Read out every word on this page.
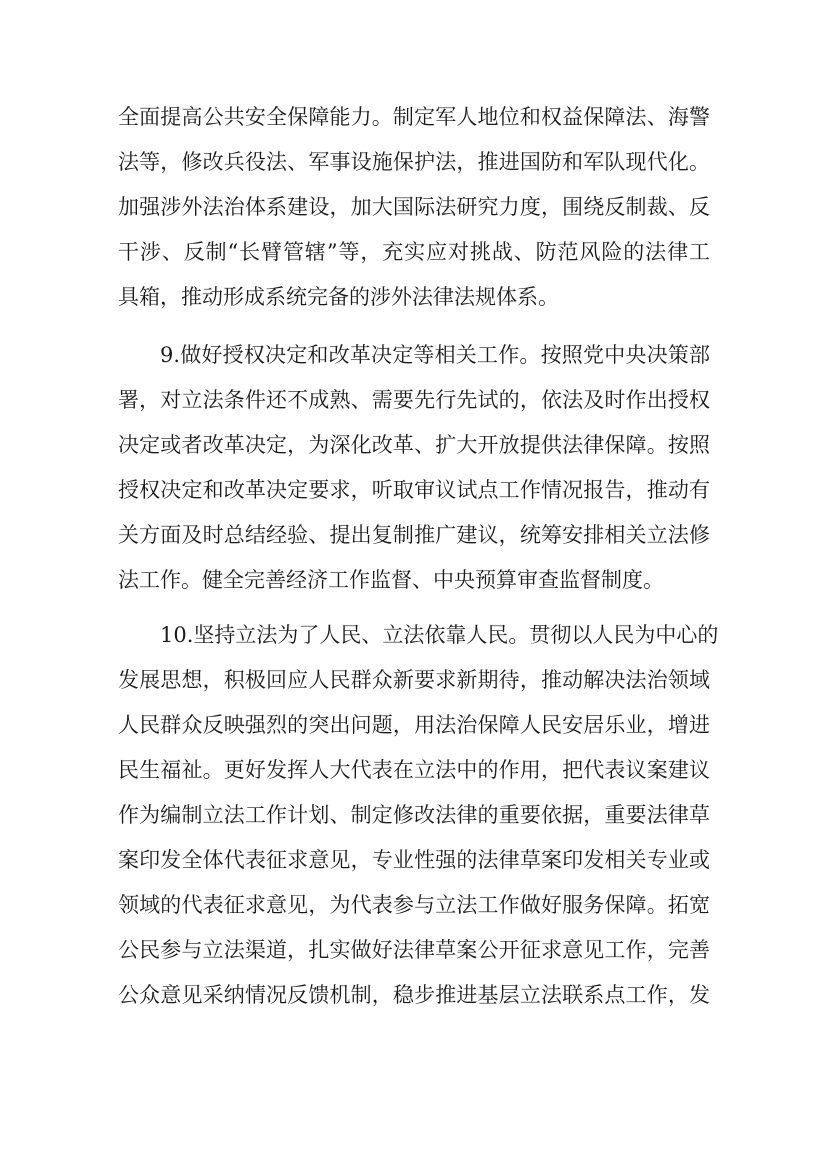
全面提高公共安全保障能力。制定军人地位和权益保障法、海警
法等，修改兵役法、军事设施保护法，推进国防和军队现代化。
加强涉外法治体系建设，加大国际法研究力度，围绕反制裁、反
干涉、反制“长臂管辖”等，充实应对挑战、防范风险的法律工
具箱，推动形成系统完备的涉外法律法规体系。
9.做好授权决定和改革决定等相关工作。按照党中央决策部
署，对立法条件还不成熟、需要先行先试的，依法及时作出授权
决定或者改革决定，为深化改革、扩大开放提供法律保障。按照
授权决定和改革决定要求，听取审议试点工作情况报告，推动有
关方面及时总结经验、提出复制推广建议，统筹安排相关立法修
法工作。健全完善经济工作监督、中央预算审查监督制度。
10.坚持立法为了人民、立法依靠人民。贯彻以人民为中心的
发展思想，积极回应人民群众新要求新期待，推动解决法治领域
人民群众反映强烈的突出问题，用法治保障人民安居乐业，增进
民生福祉。更好发挥人大代表在立法中的作用，把代表议案建议
作为编制立法工作计划、制定修改法律的重要依据，重要法律草
案印发全体代表征求意见，专业性强的法律草案印发相关专业或
领域的代表征求意见，为代表参与立法工作做好服务保障。拓宽
公民参与立法渠道，扎实做好法律草案公开征求意见工作，完善
公众意见采纳情况反馈机制，稳步推进基层立法联系点工作，发
